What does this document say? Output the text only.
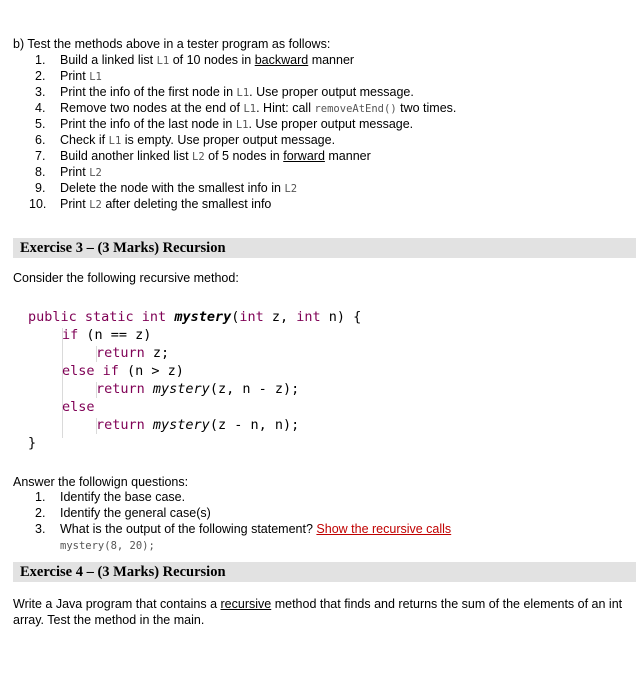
b) Test the methods above in a tester program as follows:
1. Build a linked list L1 of 10 nodes in backward manner
2. Print L1
3. Print the info of the first node in L1. Use proper output message.
4. Remove two nodes at the end of L1. Hint: call removeAtEnd() two times.
5. Print the info of the last node in L1. Use proper output message.
6. Check if L1 is empty. Use proper output message.
7. Build another linked list L2 of 5 nodes in forward manner
8. Print L2
9. Delete the node with the smallest info in L2
10. Print L2 after deleting the smallest info
Exercise 3 – (3 Marks) Recursion
Consider the following recursive method:
public static int mystery(int z, int n) {
if (n == z)
return z;
else if (n > z)
return mystery(z, n - z);
else
return mystery(z - n, n);
}
Answer the followign questions:
1. Identify the base case.
2. Identify the general case(s)
3. What is the output of the following statement? Show the recursive calls
mystery(8, 20);
Exercise 4 – (3 Marks) Recursion
Write a Java program that contains a recursive method that finds and returns the sum of the elements of an int array. Test the method in the main.
